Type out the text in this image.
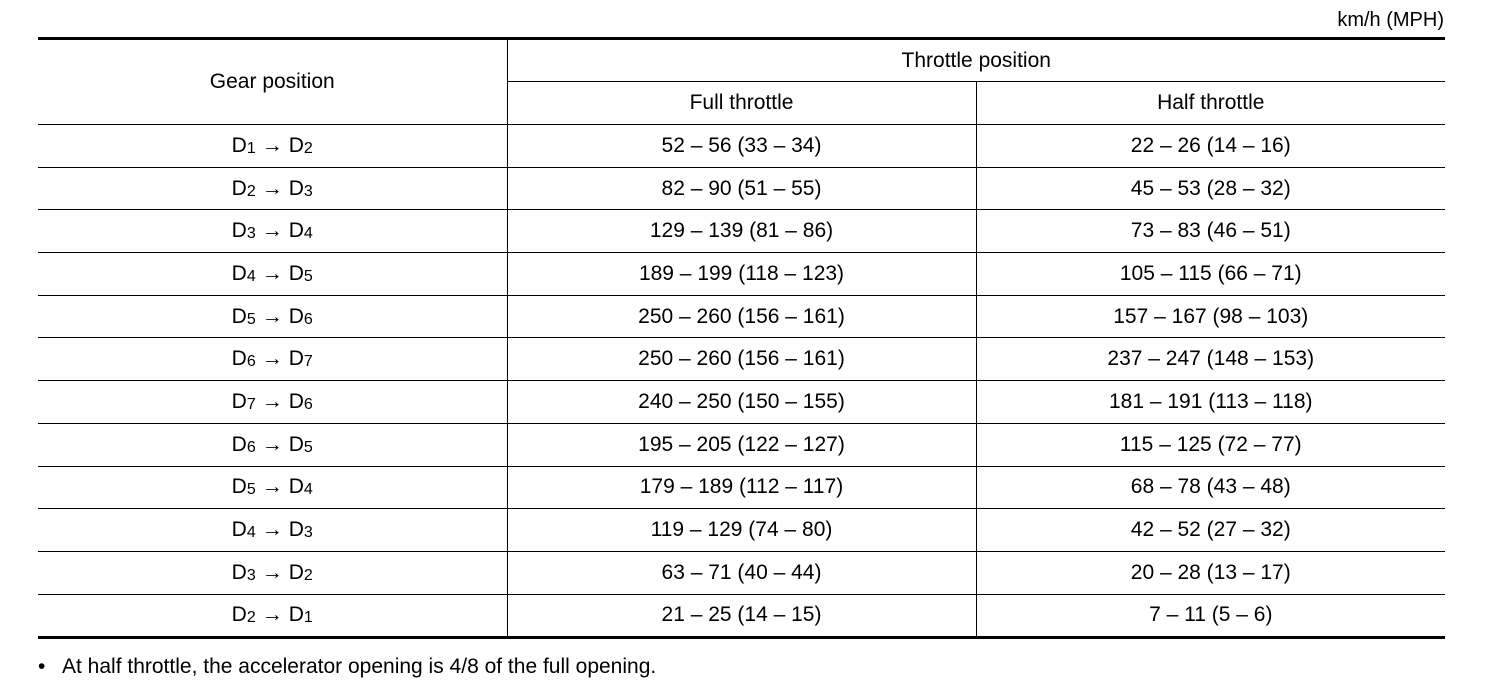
km/h (MPH)
Gear position	Throttle position	
	Full throttle	Half throttle
$D_1 \to D_2$	52 – 56 (33 – 34)	22 – 26 (14 – 16)
$D_2 \to D_3$	82 – 90 (51 – 55)	45 – 53 (28 – 32)
$D_3 \to D_4$	129 – 139 (81 – 86)	73 – 83 (46 – 51)
$D_4 \to D_5$	189 – 199 (118 – 123)	105 – 115 (66 – 71)
$D_5 \to D_6$	250 – 260 (156 – 161)	157 – 167 (98 – 103)
$D_6 \to D_7$	250 – 260 (156 – 161)	237 – 247 (148 – 153)
$D_7 \to D_6$	240 – 250 (150 – 155)	181 – 191 (113 – 118)
$D_6 \to D_5$	195 – 205 (122 – 127)	115 – 125 (72 – 77)
$D_5 \to D_4$	179 – 189 (112 – 117)	68 – 78 (43 – 48)
$D_4 \to D_3$	119 – 129 (74 – 80)	42 – 52 (27 – 32)
$D_3 \to D_2$	63 – 71 (40 – 44)	20 – 28 (13 – 17)
$D_2 \to D_1$	21 – 25 (14 – 15)	7 – 11 (5 – 6)
• At half throttle, the accelerator opening is 4/8 of the full opening.
